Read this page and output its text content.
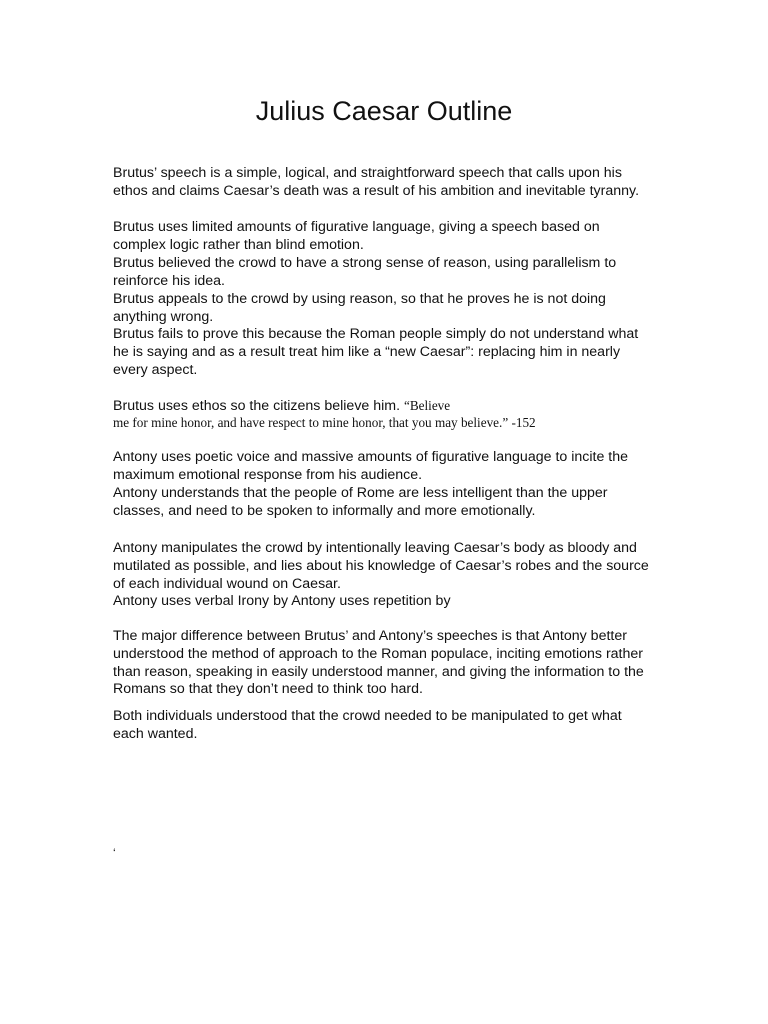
Julius Caesar Outline

Brutus’ speech is a simple, logical, and straightforward speech that calls upon his ethos and claims Caesar’s death was a result of his ambition and inevitable tyranny.

Brutus uses limited amounts of figurative language, giving a speech based on complex logic rather than blind emotion.

Brutus believed the crowd to have a strong sense of reason, using parallelism to reinforce his idea.

Brutus appeals to the crowd by using reason, so that he proves he is not doing anything wrong.

Brutus fails to prove this because the Roman people simply do not understand what he is saying and as a result treat him like a “new Caesar”: replacing him in nearly every aspect.

Brutus uses ethos so the citizens believe him. “Believe

me for mine honor, and have respect to mine honor, that you may believe.” -152

Antony uses poetic voice and massive amounts of figurative language to incite the maximum emotional response from his audience.

Antony understands that the people of Rome are less intelligent than the upper classes, and need to be spoken to informally and more emotionally.

Antony manipulates the crowd by intentionally leaving Caesar’s body as bloody and mutilated as possible, and lies about his knowledge of Caesar’s robes and the source of each individual wound on Caesar.

Antony uses verbal Irony by Antony uses repetition by

The major difference between Brutus’ and Antony’s speeches is that Antony better understood the method of approach to the Roman populace, inciting emotions rather than reason, speaking in easily understood manner, and giving the information to the Romans so that they don’t need to think too hard.

Both individuals understood that the crowd needed to be manipulated to get what each wanted.

‘
